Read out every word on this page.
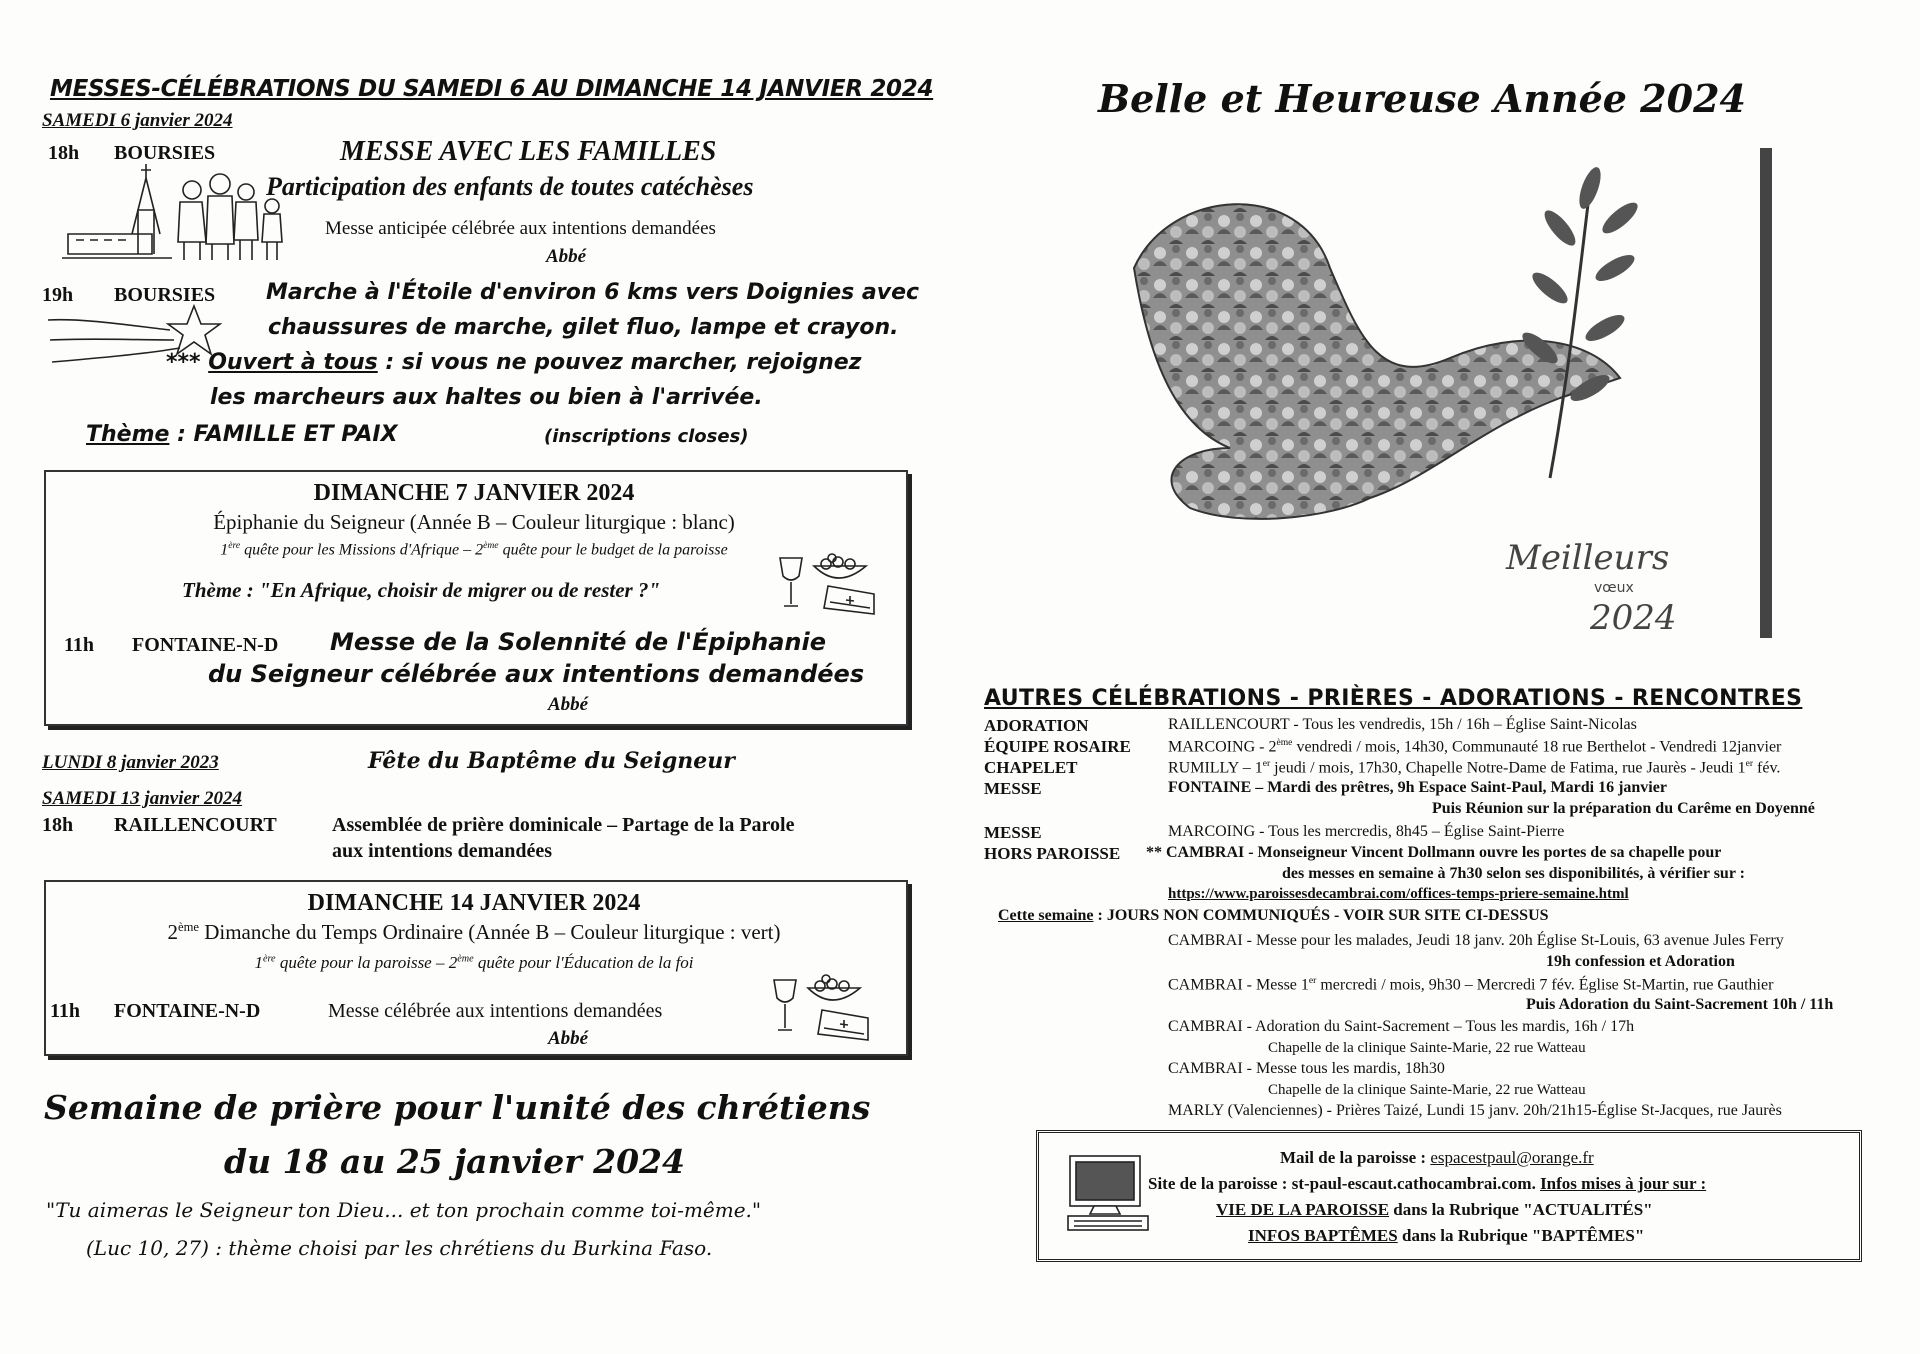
MESSES-CÉLÉBRATIONS DU SAMEDI 6 AU DIMANCHE 14 JANVIER 2024
SAMEDI 6 janvier 2024
18h BOURSIES	MESSE AVEC LES FAMILLES
Participation des enfants de toutes catéchèses
Messe anticipée célébrée aux intentions demandées
Abbé
19h BOURSIES Marche à l'Étoile d'environ 6 kms vers Doignies avec
chaussures de marche, gilet fluo, lampe et crayon.
*** Ouvert à tous : si vous ne pouvez marcher, rejoignez
les marcheurs aux haltes ou bien à l'arrivée.
Thème : FAMILLE ET PAIX	(inscriptions closes)
DIMANCHE 7 JANVIER 2024
Épiphanie du Seigneur (Année B – Couleur liturgique : blanc)
1ère quête pour les Missions d'Afrique – 2ème quête pour le budget de la paroisse
Thème : "En Afrique, choisir de migrer ou de rester ?"
11h FONTAINE-N-D Messe de la Solennité de l'Épiphanie
du Seigneur célébrée aux intentions demandées
Abbé
LUNDI 8 janvier 2023	Fête du Baptême du Seigneur
SAMEDI 13 janvier 2024
18h RAILLENCOURT	Assemblée de prière dominicale – Partage de la Parole
aux intentions demandées
DIMANCHE 14 JANVIER 2024
2ème Dimanche du Temps Ordinaire (Année B – Couleur liturgique : vert)
1ère quête pour la paroisse – 2ème quête pour l'Éducation de la foi
11h FONTAINE-N-D	Messe célébrée aux intentions demandées
Abbé
Semaine de prière pour l'unité des chrétiens
du 18 au 25 janvier 2024
"Tu aimeras le Seigneur ton Dieu... et ton prochain comme toi-même."
(Luc 10, 27) : thème choisi par les chrétiens du Burkina Faso.
Belle et Heureuse Année 2024
Meilleurs
vœux
2024
AUTRES CÉLÉBRATIONS - PRIÈRES - ADORATIONS - RENCONTRES
ADORATION	RAILLENCOURT - Tous les vendredis, 15h / 16h – Église Saint-Nicolas
ÉQUIPE ROSAIRE MARCOING - 2ème vendredi / mois, 14h30, Communauté 18 rue Berthelot - Vendredi 12janvier
CHAPELET	RUMILLY – 1er jeudi / mois, 17h30, Chapelle Notre-Dame de Fatima, rue Jaurès - Jeudi 1er fév.
MESSE	FONTAINE – Mardi des prêtres, 9h Espace Saint-Paul, Mardi 16 janvier
Puis Réunion sur la préparation du Carême en Doyenné
MESSE	MARCOING - Tous les mercredis, 8h45 – Église Saint-Pierre
HORS PAROISSE ** CAMBRAI - Monseigneur Vincent Dollmann ouvre les portes de sa chapelle pour
des messes en semaine à 7h30 selon ses disponibilités, à vérifier sur :
https://www.paroissesdecambrai.com/offices-temps-priere-semaine.html
Cette semaine : JOURS NON COMMUNIQUÉS - VOIR SUR SITE CI-DESSUS
CAMBRAI - Messe pour les malades, Jeudi 18 janv. 20h Église St-Louis, 63 avenue Jules Ferry
19h confession et Adoration
CAMBRAI - Messe 1er mercredi / mois, 9h30 – Mercredi 7 fév. Église St-Martin, rue Gauthier
Puis Adoration du Saint-Sacrement 10h / 11h
CAMBRAI - Adoration du Saint-Sacrement – Tous les mardis, 16h / 17h
Chapelle de la clinique Sainte-Marie, 22 rue Watteau
CAMBRAI - Messe tous les mardis, 18h30
Chapelle de la clinique Sainte-Marie, 22 rue Watteau
MARLY (Valenciennes) - Prières Taizé, Lundi 15 janv. 20h/21h15-Église St-Jacques, rue Jaurès
Mail de la paroisse : espacestpaul@orange.fr
Site de la paroisse : st-paul-escaut.cathocambrai.com. Infos mises à jour sur :
VIE DE LA PAROISSE dans la Rubrique "ACTUALITÉS"
INFOS BAPTÊMES dans la Rubrique "BAPTÊMES"
